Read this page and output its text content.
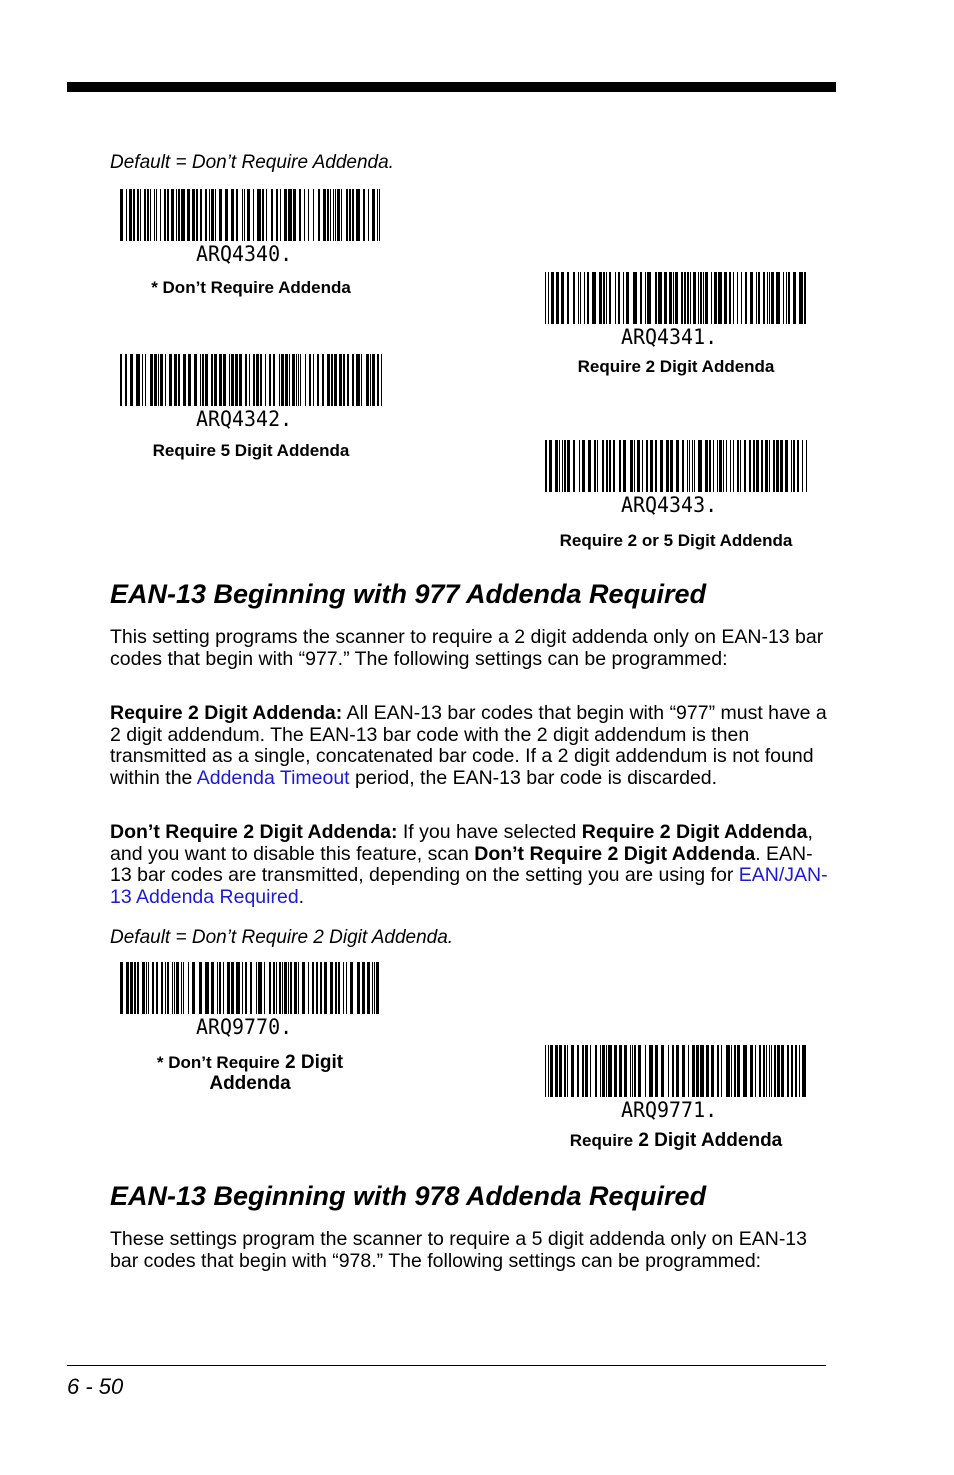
Default = Don’t Require Addenda.
ARQ4340.
* Don’t Require Addenda
ARQ4341.
Require 2 Digit Addenda
ARQ4342.
Require 5 Digit Addenda
ARQ4343.
Require 2 or 5 Digit Addenda
EAN-13 Beginning with 977 Addenda Required

This setting programs the scanner to require a 2 digit addenda only on EAN-13 bar codes that begin with “977.” The following settings can be programmed:

Require 2 Digit Addenda: All EAN-13 bar codes that begin with “977” must have a 2 digit addendum. The EAN-13 bar code with the 2 digit addendum is then transmitted as a single, concatenated bar code. If a 2 digit addendum is not found within the Addenda Timeout period, the EAN-13 bar code is discarded.

Don’t Require 2 Digit Addenda: If you have selected Require 2 Digit Addenda, and you want to disable this feature, scan Don’t Require 2 Digit Addenda. EAN-13 bar codes are transmitted, depending on the setting you are using for EAN/JAN-13 Addenda Required.

Default = Don’t Require 2 Digit Addenda.
ARQ9770.
* Don’t Require 2 Digit
Addenda
ARQ9771.
Require 2 Digit Addenda
EAN-13 Beginning with 978 Addenda Required

These settings program the scanner to require a 5 digit addenda only on EAN-13 bar codes that begin with “978.” The following settings can be programmed:

6 - 50
